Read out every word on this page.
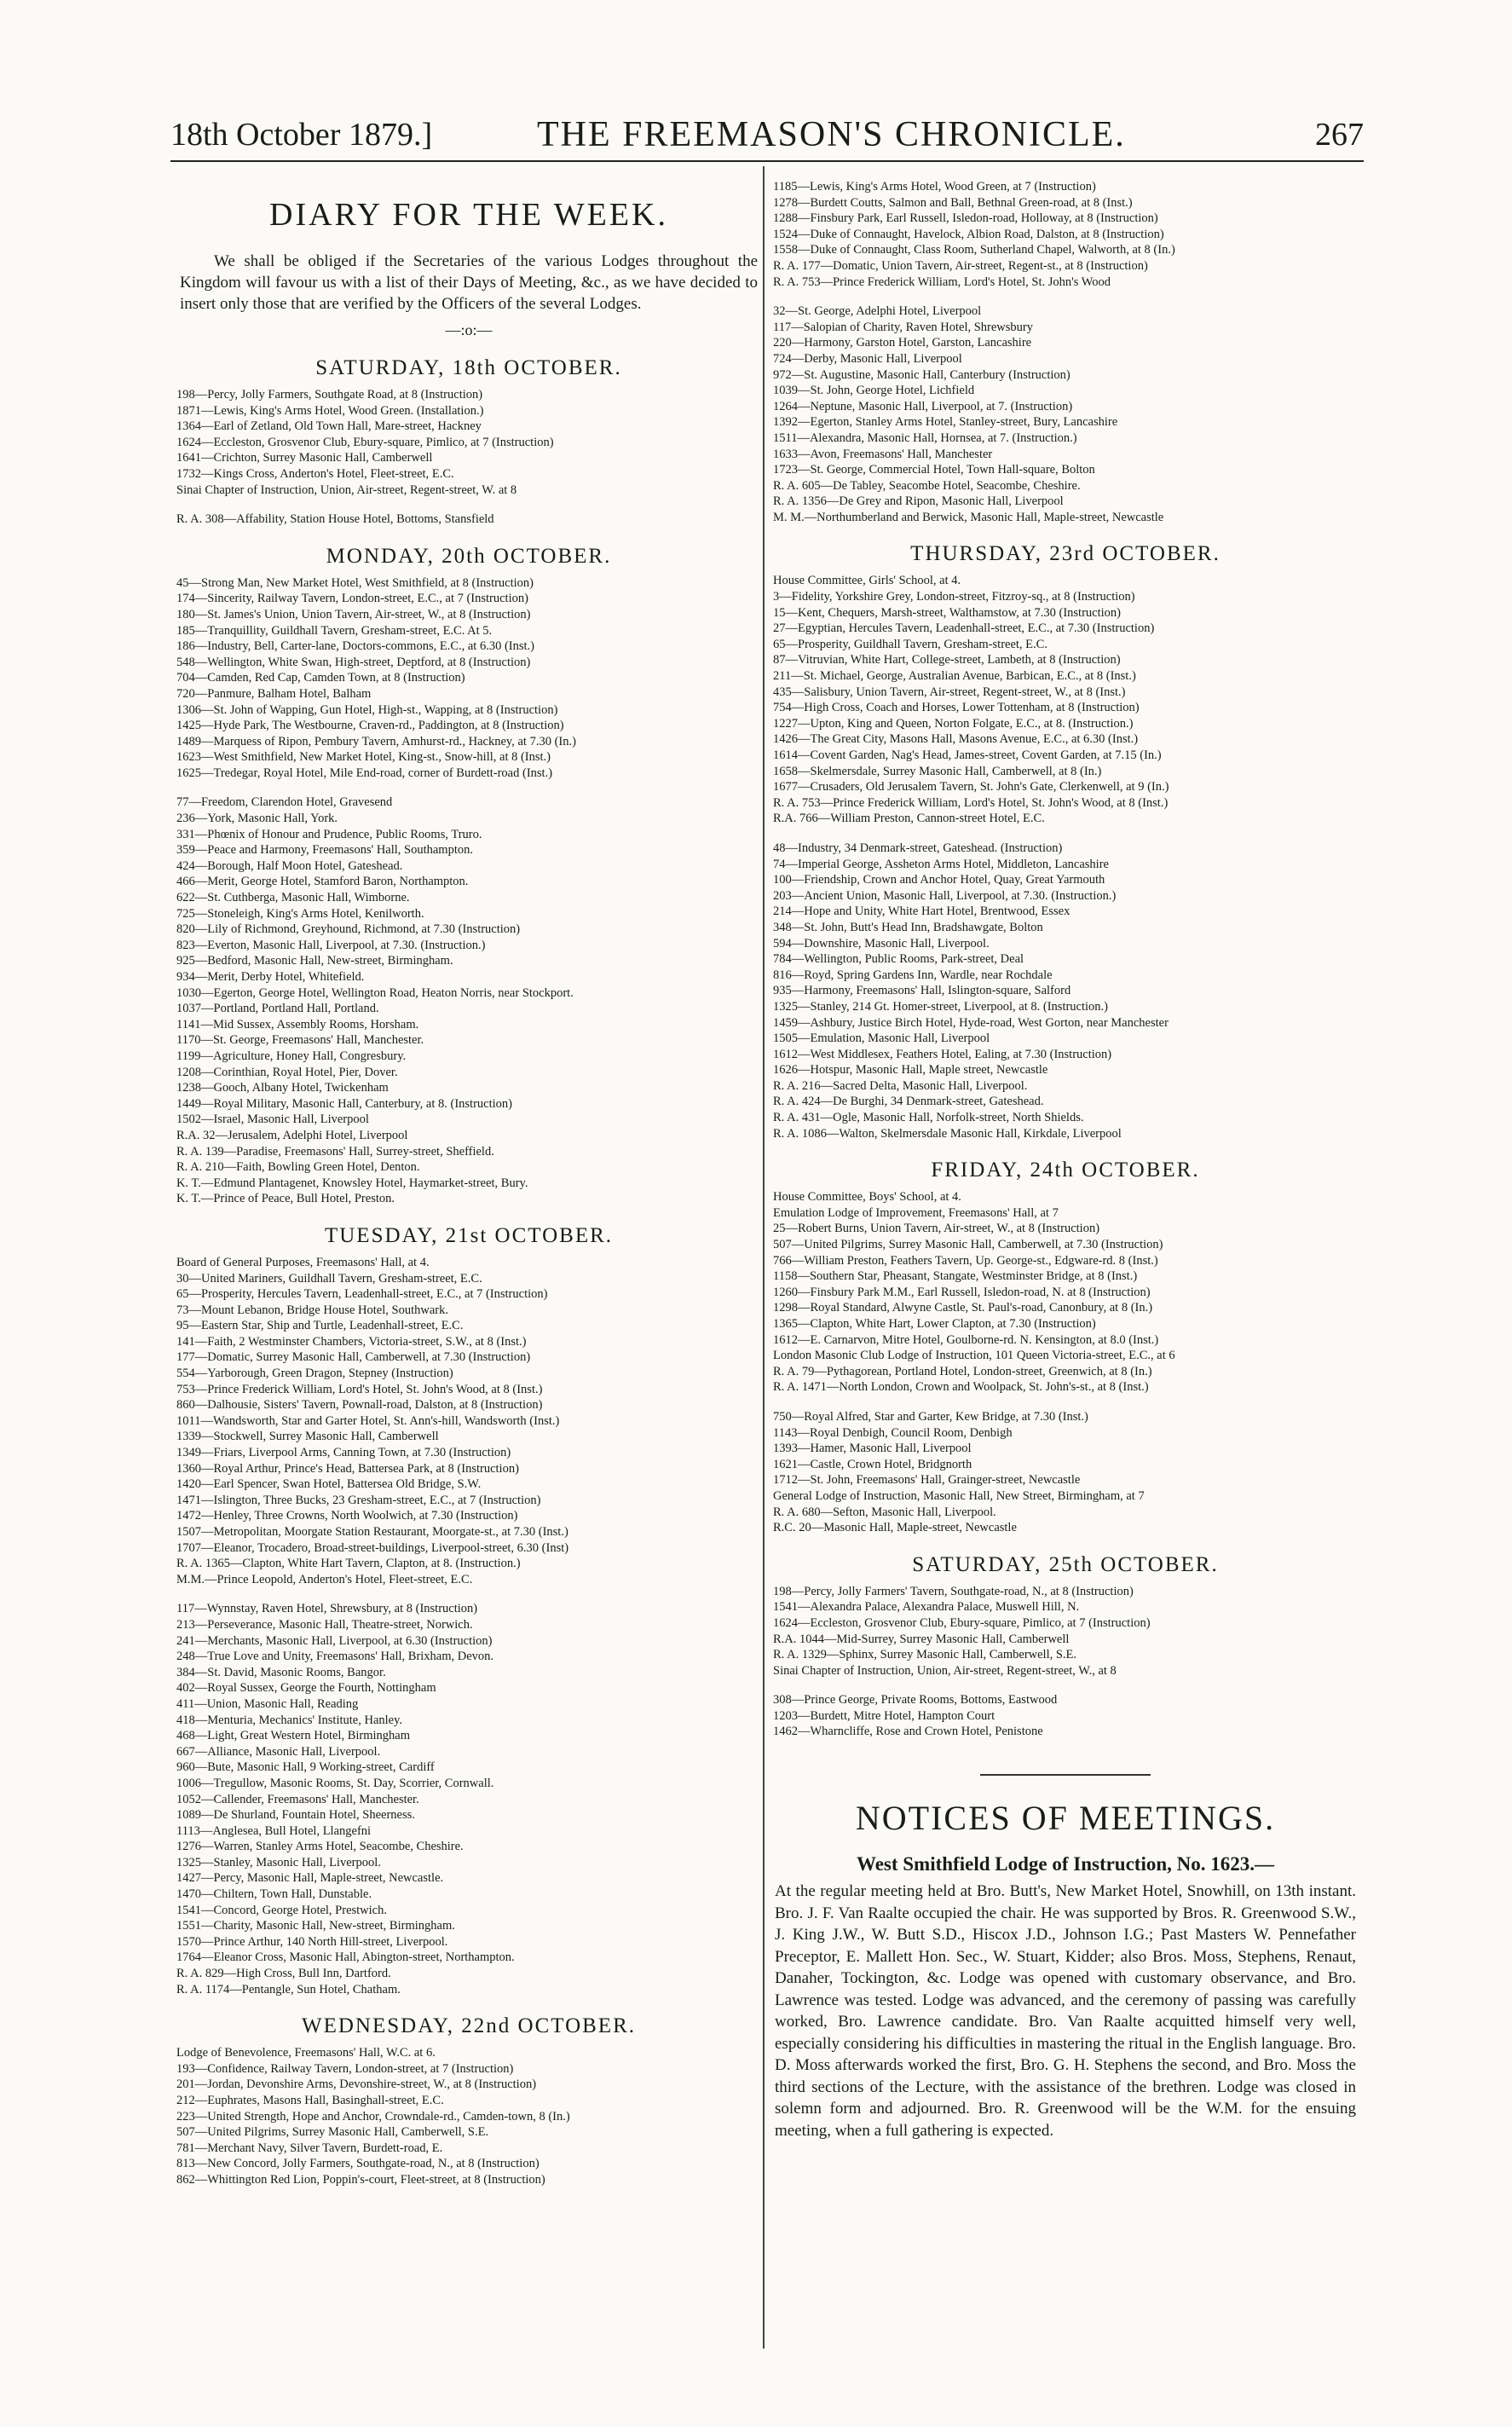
18th October 1879.]	THE FREEMASON'S CHRONICLE.	267
DIARY FOR THE WEEK.

We shall be obliged if the Secretaries of the various Lodges throughout the Kingdom will favour us with a list of their Days of Meeting, &c., as we have decided to insert only those that are verified by the Officers of the several Lodges.

—:o:—
SATURDAY, 18th OCTOBER.
198—Percy, Jolly Farmers, Southgate Road, at 8 (Instruction)
1871—Lewis, King's Arms Hotel, Wood Green. (Installation.)
1364—Earl of Zetland, Old Town Hall, Mare-street, Hackney
1624—Eccleston, Grosvenor Club, Ebury-square, Pimlico, at 7 (Instruction)
1641—Crichton, Surrey Masonic Hall, Camberwell
1732—Kings Cross, Anderton's Hotel, Fleet-street, E.C.
Sinai Chapter of Instruction, Union, Air-street, Regent-street, W. at 8
R. A. 308—Affability, Station House Hotel, Bottoms, Stansfield
MONDAY, 20th OCTOBER.
45—Strong Man, New Market Hotel, West Smithfield, at 8 (Instruction)
174—Sincerity, Railway Tavern, London-street, E.C., at 7 (Instruction)
180—St. James's Union, Union Tavern, Air-street, W., at 8 (Instruction)
185—Tranquillity, Guildhall Tavern, Gresham-street, E.C. At 5.
186—Industry, Bell, Carter-lane, Doctors-commons, E.C., at 6.30 (Inst.)
548—Wellington, White Swan, High-street, Deptford, at 8 (Instruction)
704—Camden, Red Cap, Camden Town, at 8 (Instruction)
720—Panmure, Balham Hotel, Balham
1306—St. John of Wapping, Gun Hotel, High-st., Wapping, at 8 (Instruction)
1425—Hyde Park, The Westbourne, Craven-rd., Paddington, at 8 (Instruction)
1489—Marquess of Ripon, Pembury Tavern, Amhurst-rd., Hackney, at 7.30 (In.)
1623—West Smithfield, New Market Hotel, King-st., Snow-hill, at 8 (Inst.)
1625—Tredegar, Royal Hotel, Mile End-road, corner of Burdett-road (Inst.)
77—Freedom, Clarendon Hotel, Gravesend
236—York, Masonic Hall, York.
331—Phœnix of Honour and Prudence, Public Rooms, Truro.
359—Peace and Harmony, Freemasons' Hall, Southampton.
424—Borough, Half Moon Hotel, Gateshead.
466—Merit, George Hotel, Stamford Baron, Northampton.
622—St. Cuthberga, Masonic Hall, Wimborne.
725—Stoneleigh, King's Arms Hotel, Kenilworth.
820—Lily of Richmond, Greyhound, Richmond, at 7.30 (Instruction)
823—Everton, Masonic Hall, Liverpool, at 7.30. (Instruction.)
925—Bedford, Masonic Hall, New-street, Birmingham.
934—Merit, Derby Hotel, Whitefield.
1030—Egerton, George Hotel, Wellington Road, Heaton Norris, near Stockport.
1037—Portland, Portland Hall, Portland.
1141—Mid Sussex, Assembly Rooms, Horsham.
1170—St. George, Freemasons' Hall, Manchester.
1199—Agriculture, Honey Hall, Congresbury.
1208—Corinthian, Royal Hotel, Pier, Dover.
1238—Gooch, Albany Hotel, Twickenham
1449—Royal Military, Masonic Hall, Canterbury, at 8. (Instruction)
1502—Israel, Masonic Hall, Liverpool
R.A. 32—Jerusalem, Adelphi Hotel, Liverpool
R. A. 139—Paradise, Freemasons' Hall, Surrey-street, Sheffield.
R. A. 210—Faith, Bowling Green Hotel, Denton.
K. T.—Edmund Plantagenet, Knowsley Hotel, Haymarket-street, Bury.
K. T.—Prince of Peace, Bull Hotel, Preston.
TUESDAY, 21st OCTOBER.
Board of General Purposes, Freemasons' Hall, at 4.
30—United Mariners, Guildhall Tavern, Gresham-street, E.C.
65—Prosperity, Hercules Tavern, Leadenhall-street, E.C., at 7 (Instruction)
73—Mount Lebanon, Bridge House Hotel, Southwark.
95—Eastern Star, Ship and Turtle, Leadenhall-street, E.C.
141—Faith, 2 Westminster Chambers, Victoria-street, S.W., at 8 (Inst.)
177—Domatic, Surrey Masonic Hall, Camberwell, at 7.30 (Instruction)
554—Yarborough, Green Dragon, Stepney (Instruction)
753—Prince Frederick William, Lord's Hotel, St. John's Wood, at 8 (Inst.)
860—Dalhousie, Sisters' Tavern, Pownall-road, Dalston, at 8 (Instruction)
1011—Wandsworth, Star and Garter Hotel, St. Ann's-hill, Wandsworth (Inst.)
1339—Stockwell, Surrey Masonic Hall, Camberwell
1349—Friars, Liverpool Arms, Canning Town, at 7.30 (Instruction)
1360—Royal Arthur, Prince's Head, Battersea Park, at 8 (Instruction)
1420—Earl Spencer, Swan Hotel, Battersea Old Bridge, S.W.
1471—Islington, Three Bucks, 23 Gresham-street, E.C., at 7 (Instruction)
1472—Henley, Three Crowns, North Woolwich, at 7.30 (Instruction)
1507—Metropolitan, Moorgate Station Restaurant, Moorgate-st., at 7.30 (Inst.)
1707—Eleanor, Trocadero, Broad-street-buildings, Liverpool-street, 6.30 (Inst)
R. A. 1365—Clapton, White Hart Tavern, Clapton, at 8. (Instruction.)
M.M.—Prince Leopold, Anderton's Hotel, Fleet-street, E.C.
117—Wynnstay, Raven Hotel, Shrewsbury, at 8 (Instruction)
213—Perseverance, Masonic Hall, Theatre-street, Norwich.
241—Merchants, Masonic Hall, Liverpool, at 6.30 (Instruction)
248—True Love and Unity, Freemasons' Hall, Brixham, Devon.
384—St. David, Masonic Rooms, Bangor.
402—Royal Sussex, George the Fourth, Nottingham
411—Union, Masonic Hall, Reading
418—Menturia, Mechanics' Institute, Hanley.
468—Light, Great Western Hotel, Birmingham
667—Alliance, Masonic Hall, Liverpool.
960—Bute, Masonic Hall, 9 Working-street, Cardiff
1006—Tregullow, Masonic Rooms, St. Day, Scorrier, Cornwall.
1052—Callender, Freemasons' Hall, Manchester.
1089—De Shurland, Fountain Hotel, Sheerness.
1113—Anglesea, Bull Hotel, Llangefni
1276—Warren, Stanley Arms Hotel, Seacombe, Cheshire.
1325—Stanley, Masonic Hall, Liverpool.
1427—Percy, Masonic Hall, Maple-street, Newcastle.
1470—Chiltern, Town Hall, Dunstable.
1541—Concord, George Hotel, Prestwich.
1551—Charity, Masonic Hall, New-street, Birmingham.
1570—Prince Arthur, 140 North Hill-street, Liverpool.
1764—Eleanor Cross, Masonic Hall, Abington-street, Northampton.
R. A. 829—High Cross, Bull Inn, Dartford.
R. A. 1174—Pentangle, Sun Hotel, Chatham.
WEDNESDAY, 22nd OCTOBER.
Lodge of Benevolence, Freemasons' Hall, W.C. at 6.
193—Confidence, Railway Tavern, London-street, at 7 (Instruction)
201—Jordan, Devonshire Arms, Devonshire-street, W., at 8 (Instruction)
212—Euphrates, Masons Hall, Basinghall-street, E.C.
223—United Strength, Hope and Anchor, Crowndale-rd., Camden-town, 8 (In.)
507—United Pilgrims, Surrey Masonic Hall, Camberwell, S.E.
781—Merchant Navy, Silver Tavern, Burdett-road, E.
813—New Concord, Jolly Farmers, Southgate-road, N., at 8 (Instruction)
862—Whittington Red Lion, Poppin's-court, Fleet-street, at 8 (Instruction)
1185—Lewis, King's Arms Hotel, Wood Green, at 7 (Instruction)
1278—Burdett Coutts, Salmon and Ball, Bethnal Green-road, at 8 (Inst.)
1288—Finsbury Park, Earl Russell, Isledon-road, Holloway, at 8 (Instruction)
1524—Duke of Connaught, Havelock, Albion Road, Dalston, at 8 (Instruction)
1558—Duke of Connaught, Class Room, Sutherland Chapel, Walworth, at 8 (In.)
R. A. 177—Domatic, Union Tavern, Air-street, Regent-st., at 8 (Instruction)
R. A. 753—Prince Frederick William, Lord's Hotel, St. John's Wood
32—St. George, Adelphi Hotel, Liverpool
117—Salopian of Charity, Raven Hotel, Shrewsbury
220—Harmony, Garston Hotel, Garston, Lancashire
724—Derby, Masonic Hall, Liverpool
972—St. Augustine, Masonic Hall, Canterbury (Instruction)
1039—St. John, George Hotel, Lichfield
1264—Neptune, Masonic Hall, Liverpool, at 7. (Instruction)
1392—Egerton, Stanley Arms Hotel, Stanley-street, Bury, Lancashire
1511—Alexandra, Masonic Hall, Hornsea, at 7. (Instruction.)
1633—Avon, Freemasons' Hall, Manchester
1723—St. George, Commercial Hotel, Town Hall-square, Bolton
R. A. 605—De Tabley, Seacombe Hotel, Seacombe, Cheshire.
R. A. 1356—De Grey and Ripon, Masonic Hall, Liverpool
M. M.—Northumberland and Berwick, Masonic Hall, Maple-street, Newcastle
THURSDAY, 23rd OCTOBER.
House Committee, Girls' School, at 4.
3—Fidelity, Yorkshire Grey, London-street, Fitzroy-sq., at 8 (Instruction)
15—Kent, Chequers, Marsh-street, Walthamstow, at 7.30 (Instruction)
27—Egyptian, Hercules Tavern, Leadenhall-street, E.C., at 7.30 (Instruction)
65—Prosperity, Guildhall Tavern, Gresham-street, E.C.
87—Vitruvian, White Hart, College-street, Lambeth, at 8 (Instruction)
211—St. Michael, George, Australian Avenue, Barbican, E.C., at 8 (Inst.)
435—Salisbury, Union Tavern, Air-street, Regent-street, W., at 8 (Inst.)
754—High Cross, Coach and Horses, Lower Tottenham, at 8 (Instruction)
1227—Upton, King and Queen, Norton Folgate, E.C., at 8. (Instruction.)
1426—The Great City, Masons Hall, Masons Avenue, E.C., at 6.30 (Inst.)
1614—Covent Garden, Nag's Head, James-street, Covent Garden, at 7.15 (In.)
1658—Skelmersdale, Surrey Masonic Hall, Camberwell, at 8 (In.)
1677—Crusaders, Old Jerusalem Tavern, St. John's Gate, Clerkenwell, at 9 (In.)
R. A. 753—Prince Frederick William, Lord's Hotel, St. John's Wood, at 8 (Inst.)
R.A. 766—William Preston, Cannon-street Hotel, E.C.
48—Industry, 34 Denmark-street, Gateshead. (Instruction)
74—Imperial George, Assheton Arms Hotel, Middleton, Lancashire
100—Friendship, Crown and Anchor Hotel, Quay, Great Yarmouth
203—Ancient Union, Masonic Hall, Liverpool, at 7.30. (Instruction.)
214—Hope and Unity, White Hart Hotel, Brentwood, Essex
348—St. John, Butt's Head Inn, Bradshawgate, Bolton
594—Downshire, Masonic Hall, Liverpool.
784—Wellington, Public Rooms, Park-street, Deal
816—Royd, Spring Gardens Inn, Wardle, near Rochdale
935—Harmony, Freemasons' Hall, Islington-square, Salford
1325—Stanley, 214 Gt. Homer-street, Liverpool, at 8. (Instruction.)
1459—Ashbury, Justice Birch Hotel, Hyde-road, West Gorton, near Manchester
1505—Emulation, Masonic Hall, Liverpool
1612—West Middlesex, Feathers Hotel, Ealing, at 7.30 (Instruction)
1626—Hotspur, Masonic Hall, Maple street, Newcastle
R. A. 216—Sacred Delta, Masonic Hall, Liverpool.
R. A. 424—De Burghi, 34 Denmark-street, Gateshead.
R. A. 431—Ogle, Masonic Hall, Norfolk-street, North Shields.
R. A. 1086—Walton, Skelmersdale Masonic Hall, Kirkdale, Liverpool
FRIDAY, 24th OCTOBER.
House Committee, Boys' School, at 4.
Emulation Lodge of Improvement, Freemasons' Hall, at 7
25—Robert Burns, Union Tavern, Air-street, W., at 8 (Instruction)
507—United Pilgrims, Surrey Masonic Hall, Camberwell, at 7.30 (Instruction)
766—William Preston, Feathers Tavern, Up. George-st., Edgware-rd. 8 (Inst.)
1158—Southern Star, Pheasant, Stangate, Westminster Bridge, at 8 (Inst.)
1260—Finsbury Park M.M., Earl Russell, Isledon-road, N. at 8 (Instruction)
1298—Royal Standard, Alwyne Castle, St. Paul's-road, Canonbury, at 8 (In.)
1365—Clapton, White Hart, Lower Clapton, at 7.30 (Instruction)
1612—E. Carnarvon, Mitre Hotel, Goulborne-rd. N. Kensington, at 8.0 (Inst.)
London Masonic Club Lodge of Instruction, 101 Queen Victoria-street, E.C., at 6
R. A. 79—Pythagorean, Portland Hotel, London-street, Greenwich, at 8 (In.)
R. A. 1471—North London, Crown and Woolpack, St. John's-st., at 8 (Inst.)
750—Royal Alfred, Star and Garter, Kew Bridge, at 7.30 (Inst.)
1143—Royal Denbigh, Council Room, Denbigh
1393—Hamer, Masonic Hall, Liverpool
1621—Castle, Crown Hotel, Bridgnorth
1712—St. John, Freemasons' Hall, Grainger-street, Newcastle
General Lodge of Instruction, Masonic Hall, New Street, Birmingham, at 7
R. A. 680—Sefton, Masonic Hall, Liverpool.
R.C. 20—Masonic Hall, Maple-street, Newcastle
SATURDAY, 25th OCTOBER.
198—Percy, Jolly Farmers' Tavern, Southgate-road, N., at 8 (Instruction)
1541—Alexandra Palace, Alexandra Palace, Muswell Hill, N.
1624—Eccleston, Grosvenor Club, Ebury-square, Pimlico, at 7 (Instruction)
R.A. 1044—Mid-Surrey, Surrey Masonic Hall, Camberwell
R. A. 1329—Sphinx, Surrey Masonic Hall, Camberwell, S.E.
Sinai Chapter of Instruction, Union, Air-street, Regent-street, W., at 8
308—Prince George, Private Rooms, Bottoms, Eastwood
1203—Burdett, Mitre Hotel, Hampton Court
1462—Wharncliffe, Rose and Crown Hotel, Penistone
NOTICES OF MEETINGS.
West Smithfield Lodge of Instruction, No. 1623.—

At the regular meeting held at Bro. Butt's, New Market Hotel, Snowhill, on 13th instant. Bro. J. F. Van Raalte occupied the chair. He was supported by Bros. R. Greenwood S.W., J. King J.W., W. Butt S.D., Hiscox J.D., Johnson I.G.; Past Masters W. Pennefather Preceptor, E. Mallett Hon. Sec., W. Stuart, Kidder; also Bros. Moss, Stephens, Renaut, Danaher, Tockington, &c. Lodge was opened with customary observance, and Bro. Lawrence was tested. Lodge was advanced, and the ceremony of passing was carefully worked, Bro. Lawrence candidate. Bro. Van Raalte acquitted himself very well, especially considering his difficulties in mastering the ritual in the English language. Bro. D. Moss afterwards worked the first, Bro. G. H. Stephens the second, and Bro. Moss the third sections of the Lecture, with the assistance of the brethren. Lodge was closed in solemn form and adjourned. Bro. R. Greenwood will be the W.M. for the ensuing meeting, when a full gathering is expected.
